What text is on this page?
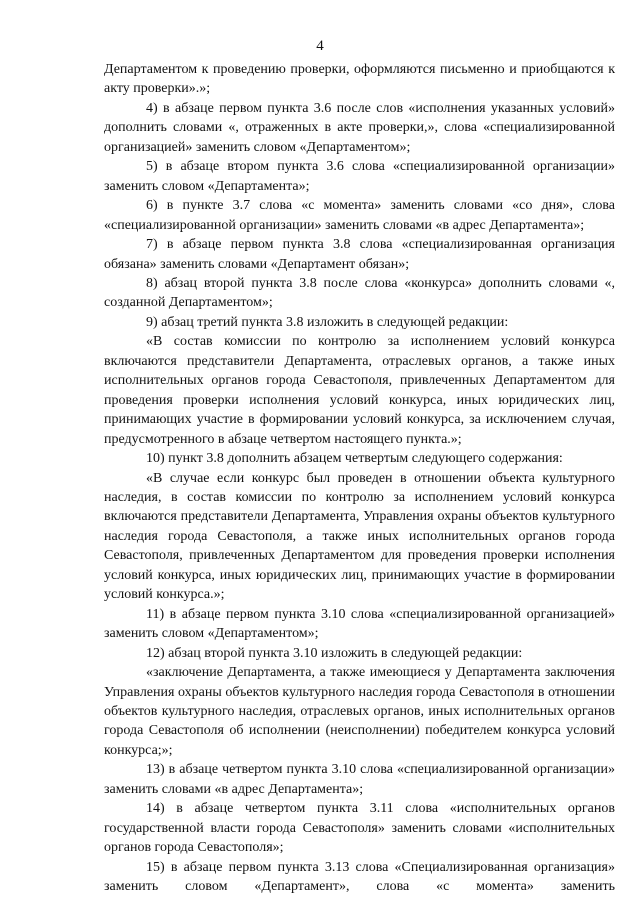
4

Департаментом к проведению проверки, оформляются письменно и приобщаются к акту проверки».»;

4) в абзаце первом пункта 3.6 после слов «исполнения указанных условий» дополнить словами «, отраженных в акте проверки,», слова «специализированной организацией» заменить словом «Департаментом»;

5) в абзаце втором пункта 3.6 слова «специализированной организации» заменить словом «Департамента»;

6) в пункте 3.7 слова «с момента» заменить словами «со дня», слова «специализированной организации» заменить словами «в адрес Департамента»;

7) в абзаце первом пункта 3.8 слова «специализированная организация обязана» заменить словами «Департамент обязан»;

8) абзац второй пункта 3.8 после слова «конкурса» дополнить словами «, созданной Департаментом»;

9) абзац третий пункта 3.8 изложить в следующей редакции:

«В состав комиссии по контролю за исполнением условий конкурса включаются представители Департамента, отраслевых органов, а также иных исполнительных органов города Севастополя, привлеченных Департаментом для проведения проверки исполнения условий конкурса, иных юридических лиц, принимающих участие в формировании условий конкурса, за исключением случая, предусмотренного в абзаце четвертом настоящего пункта.»;

10) пункт 3.8 дополнить абзацем четвертым следующего содержания:

«В случае если конкурс был проведен в отношении объекта культурного наследия, в состав комиссии по контролю за исполнением условий конкурса включаются представители Департамента, Управления охраны объектов культурного наследия города Севастополя, а также иных исполнительных органов города Севастополя, привлеченных Департаментом для проведения проверки исполнения условий конкурса, иных юридических лиц, принимающих участие в формировании условий конкурса.»;

11) в абзаце первом пункта 3.10 слова «специализированной организацией» заменить словом «Департаментом»;

12) абзац второй пункта 3.10 изложить в следующей редакции:

«заключение Департамента, а также имеющиеся у Департамента заключения Управления охраны объектов культурного наследия города Севастополя в отношении объектов культурного наследия, отраслевых органов, иных исполнительных органов города Севастополя об исполнении (неисполнении) победителем конкурса условий конкурса;»;

13) в абзаце четвертом пункта 3.10 слова «специализированной организации» заменить словами «в адрес Департамента»;

14) в абзаце четвертом пункта 3.11 слова «исполнительных органов государственной власти города Севастополя» заменить словами «исполнительных органов города Севастополя»;

15) в абзаце первом пункта 3.13 слова «Специализированная организация» заменить словом «Департамент», слова «с момента» заменить
